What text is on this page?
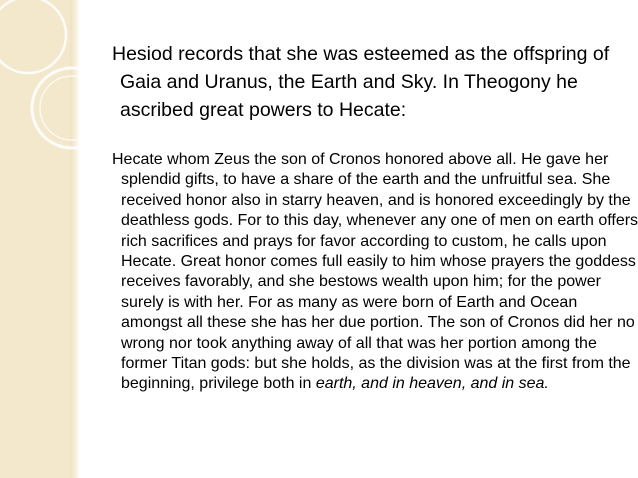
Hesiod records that she was esteemed as the offspring of Gaia and Uranus, the Earth and Sky. In Theogony he ascribed great powers to Hecate:

Hecate whom Zeus the son of Cronos honored above all. He gave her splendid gifts, to have a share of the earth and the unfruitful sea. She received honor also in starry heaven, and is honored exceedingly by the deathless gods. For to this day, whenever any one of men on earth offers rich sacrifices and prays for favor according to custom, he calls upon Hecate. Great honor comes full easily to him whose prayers the goddess receives favorably, and she bestows wealth upon him; for the power surely is with her. For as many as were born of Earth and Ocean amongst all these she has her due portion. The son of Cronos did her no wrong nor took anything away of all that was her portion among the former Titan gods: but she holds, as the division was at the first from the beginning, privilege both in earth, and in heaven, and in sea.
